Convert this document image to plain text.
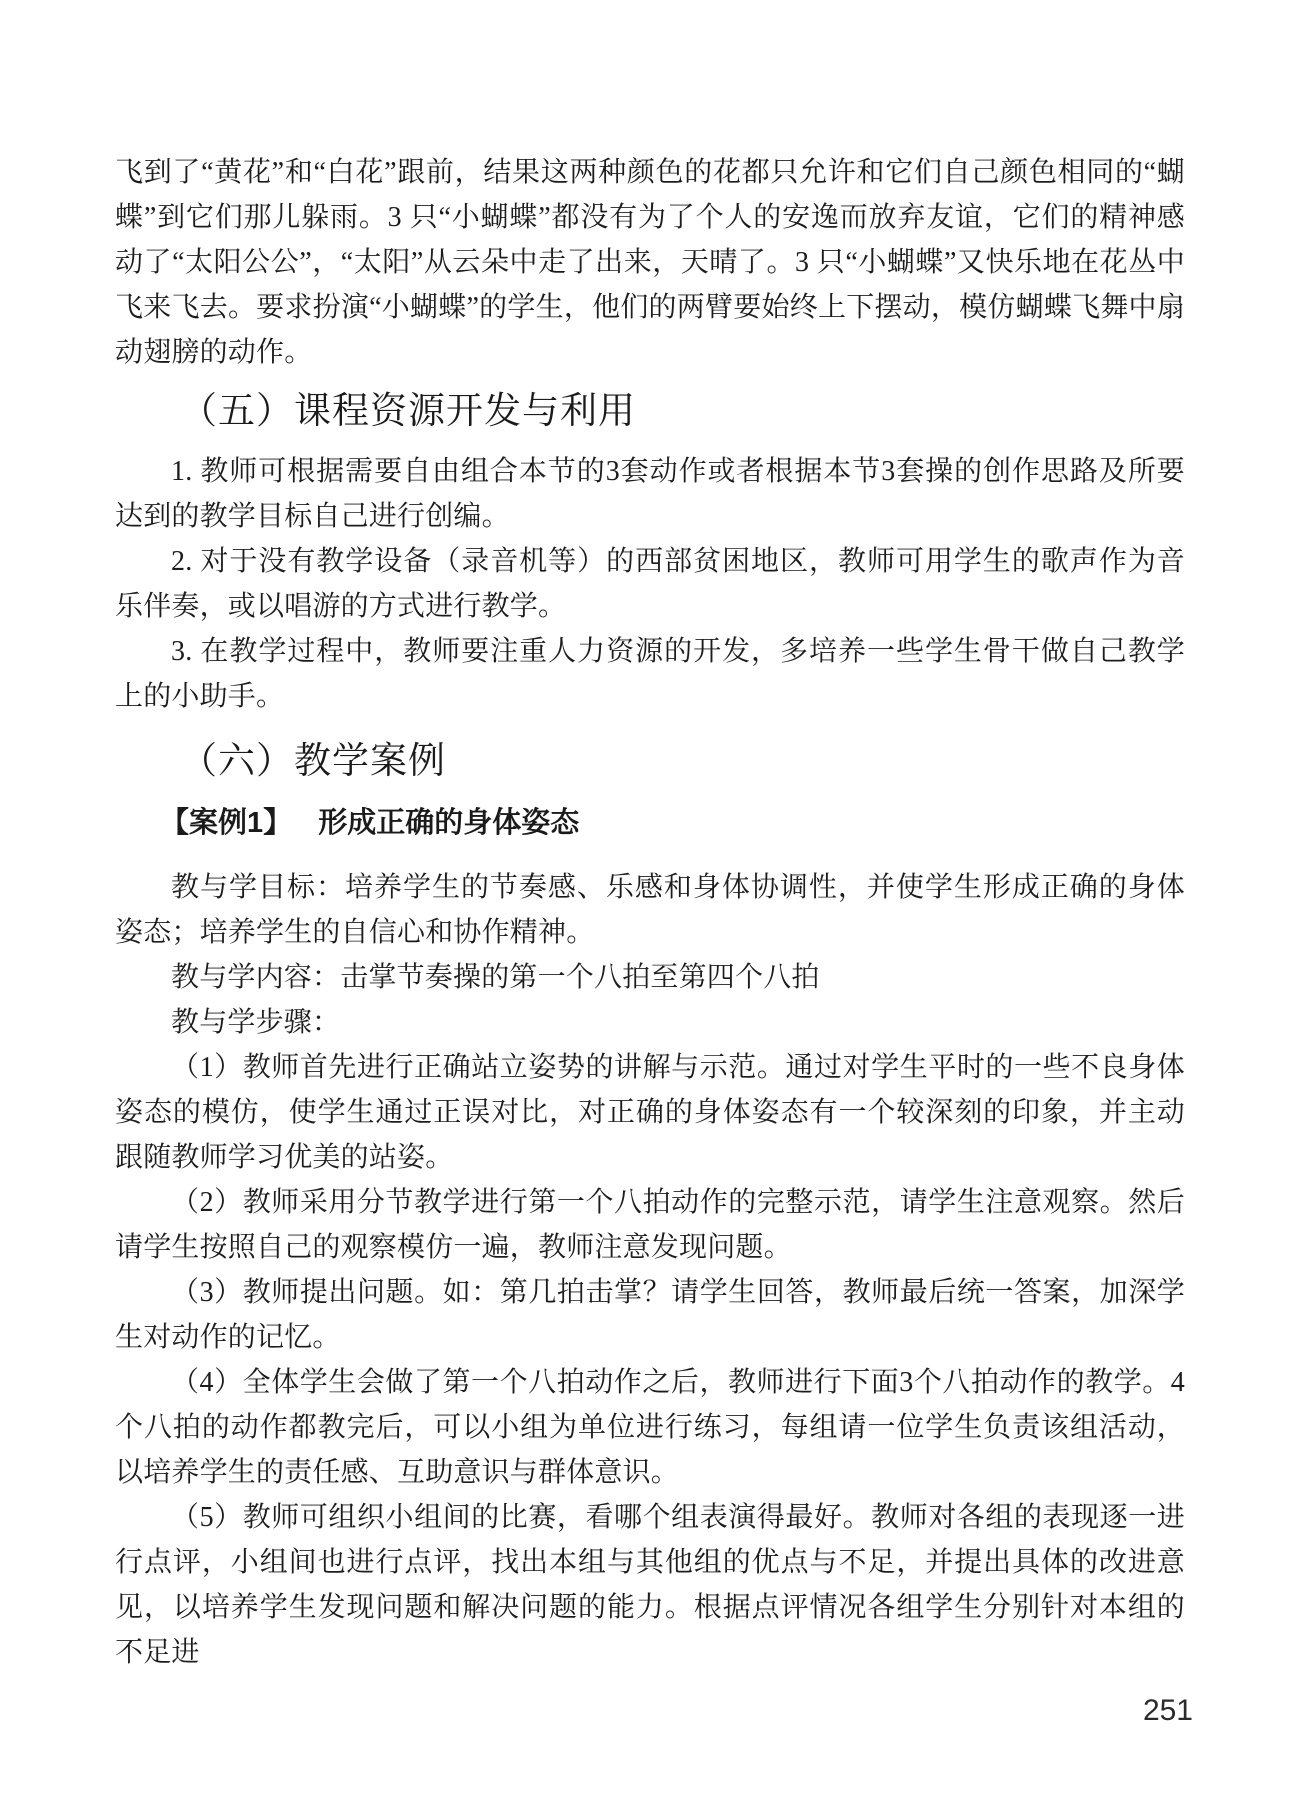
飞到了“黄花”和“白花”跟前，结果这两种颜色的花都只允许和它们自己颜色相同的“蝴蝶”到它们那儿躲雨。3 只“小蝴蝶”都没有为了个人的安逸而放弃友谊，它们的精神感动了“太阳公公”，“太阳”从云朵中走了出来，天晴了。3 只“小蝴蝶”又快乐地在花丛中飞来飞去。要求扮演“小蝴蝶”的学生，他们的两臂要始终上下摆动，模仿蝴蝶飞舞中扇动翅膀的动作。

（五）课程资源开发与利用

1. 教师可根据需要自由组合本节的3套动作或者根据本节3套操的创作思路及所要达到的教学目标自己进行创编。

2. 对于没有教学设备（录音机等）的西部贫困地区，教师可用学生的歌声作为音乐伴奏，或以唱游的方式进行教学。

3. 在教学过程中，教师要注重人力资源的开发，多培养一些学生骨干做自己教学上的小助手。

（六）教学案例
【案例1】 形成正确的身体姿态

教与学目标：培养学生的节奏感、乐感和身体协调性，并使学生形成正确的身体姿态；培养学生的自信心和协作精神。

教与学内容：击掌节奏操的第一个八拍至第四个八拍

教与学步骤：

（1）教师首先进行正确站立姿势的讲解与示范。通过对学生平时的一些不良身体姿态的模仿，使学生通过正误对比，对正确的身体姿态有一个较深刻的印象，并主动跟随教师学习优美的站姿。

（2）教师采用分节教学进行第一个八拍动作的完整示范，请学生注意观察。然后请学生按照自己的观察模仿一遍，教师注意发现问题。

（3）教师提出问题。如：第几拍击掌？请学生回答，教师最后统一答案，加深学生对动作的记忆。

（4）全体学生会做了第一个八拍动作之后，教师进行下面3个八拍动作的教学。4个八拍的动作都教完后，可以小组为单位进行练习，每组请一位学生负责该组活动，以培养学生的责任感、互助意识与群体意识。

（5）教师可组织小组间的比赛，看哪个组表演得最好。教师对各组的表现逐一进行点评，小组间也进行点评，找出本组与其他组的优点与不足，并提出具体的改进意见，以培养学生发现问题和解决问题的能力。根据点评情况各组学生分别针对本组的不足进

251
